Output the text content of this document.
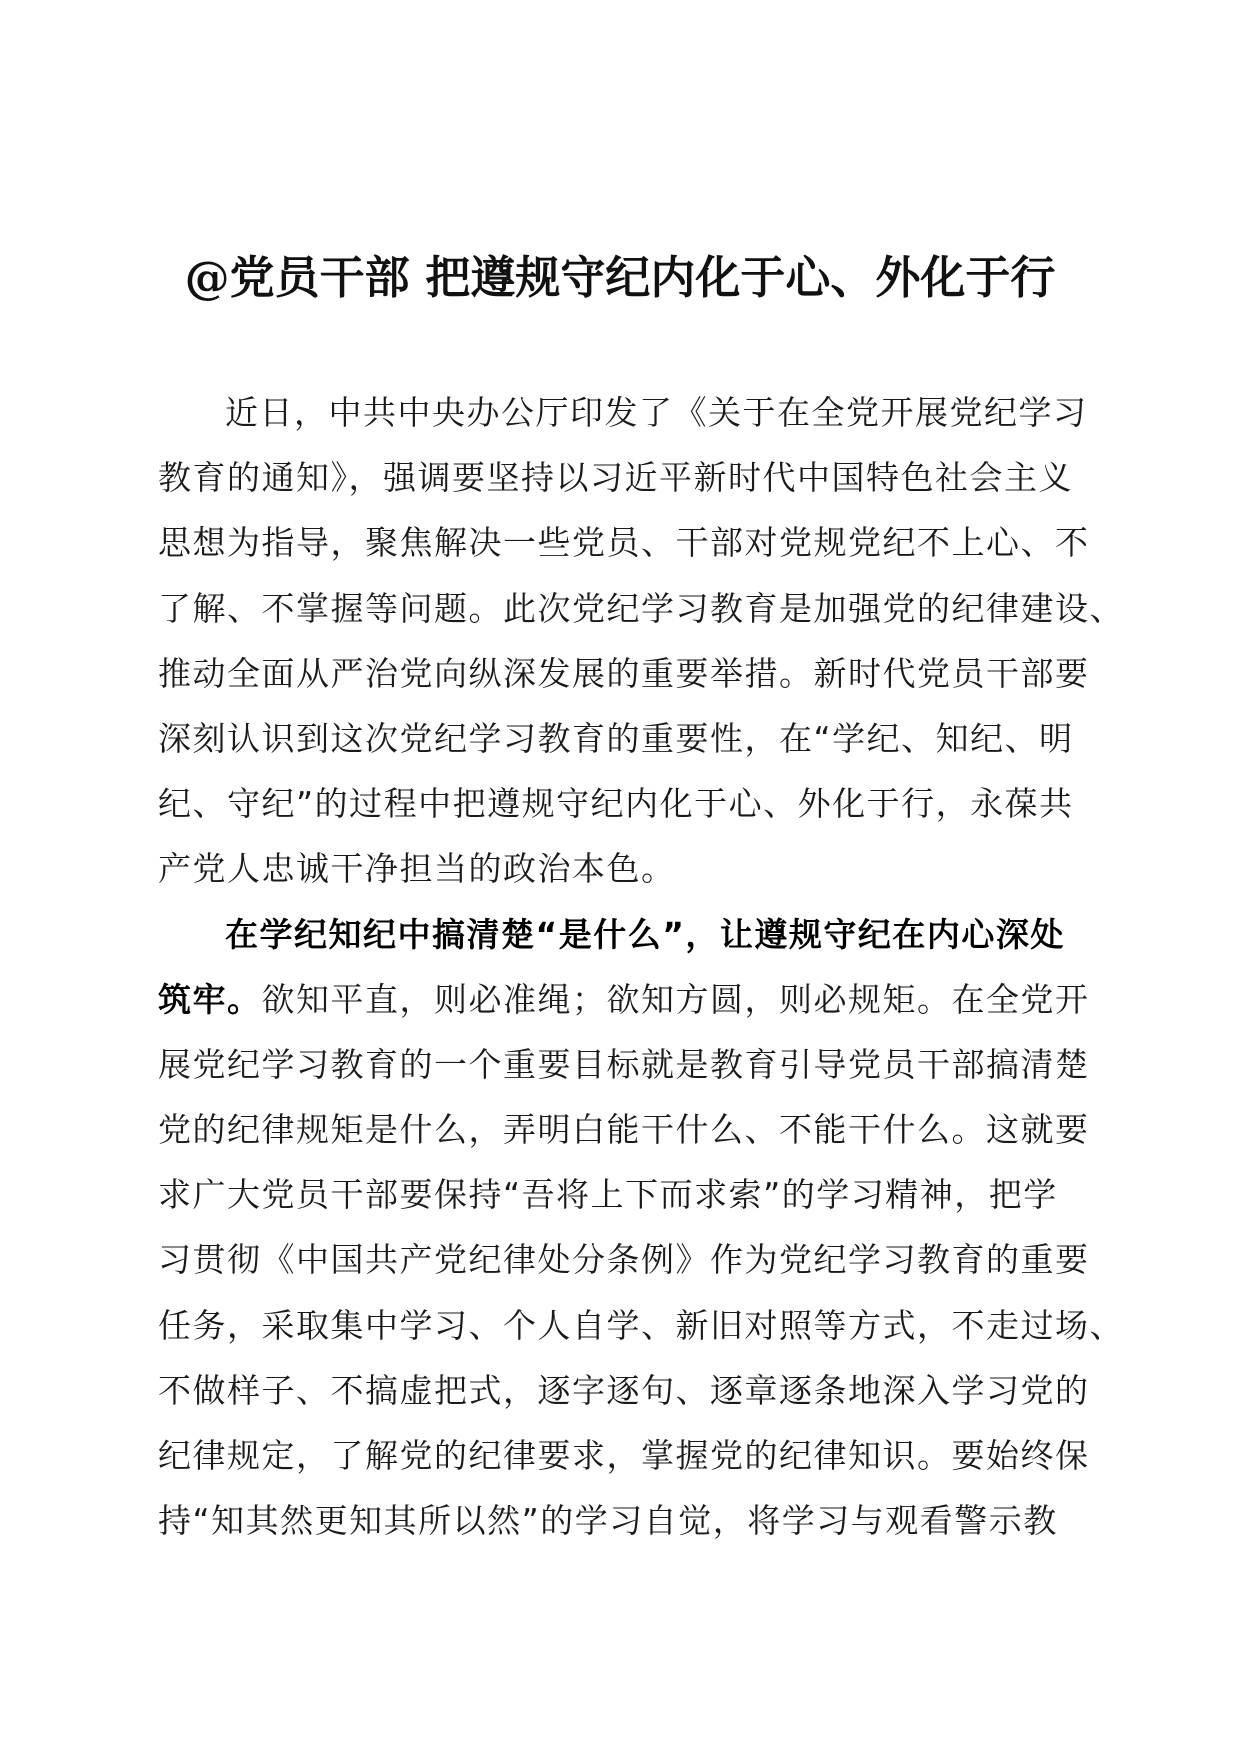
@党员干部 把遵规守纪内化于心、外化于行
近日，中共中央办公厅印发了《关于在全党开展党纪学习
教育的通知》，强调要坚持以习近平新时代中国特色社会主义
思想为指导，聚焦解决一些党员、干部对党规党纪不上心、不
了解、不掌握等问题。此次党纪学习教育是加强党的纪律建设、
推动全面从严治党向纵深发展的重要举措。新时代党员干部要
深刻认识到这次党纪学习教育的重要性，在“学纪、知纪、明
纪、守纪”的过程中把遵规守纪内化于心、外化于行，永葆共
产党人忠诚干净担当的政治本色。
在学纪知纪中搞清楚“是什么”，让遵规守纪在内心深处
筑牢。欲知平直，则必准绳；欲知方圆，则必规矩。在全党开
展党纪学习教育的一个重要目标就是教育引导党员干部搞清楚
党的纪律规矩是什么，弄明白能干什么、不能干什么。这就要
求广大党员干部要保持“吾将上下而求索”的学习精神，把学
习贯彻《中国共产党纪律处分条例》作为党纪学习教育的重要
任务，采取集中学习、个人自学、新旧对照等方式，不走过场、
不做样子、不搞虚把式，逐字逐句、逐章逐条地深入学习党的
纪律规定，了解党的纪律要求，掌握党的纪律知识。要始终保
持“知其然更知其所以然”的学习自觉，将学习与观看警示教
